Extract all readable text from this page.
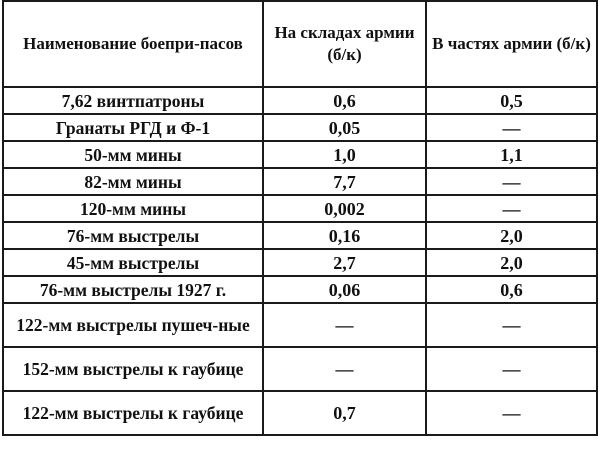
Наименование боепри-пасов	На складах армии (б/к)	В частях армии (б/к)
7,62 винтпатроны	0,6	0,5
Гранаты РГД и Ф-1	0,05	—
50-мм мины	1,0	1,1
82-мм мины	7,7	—
120-мм мины	0,002	—
76-мм выстрелы	0,16	2,0
45-мм выстрелы	2,7	2,0
76-мм выстрелы 1927 г.	0,06	0,6
122-мм выстрелы пушеч-ные	—	—
152-мм выстрелы к гаубице	—	—
122-мм выстрелы к гаубице	0,7	—
